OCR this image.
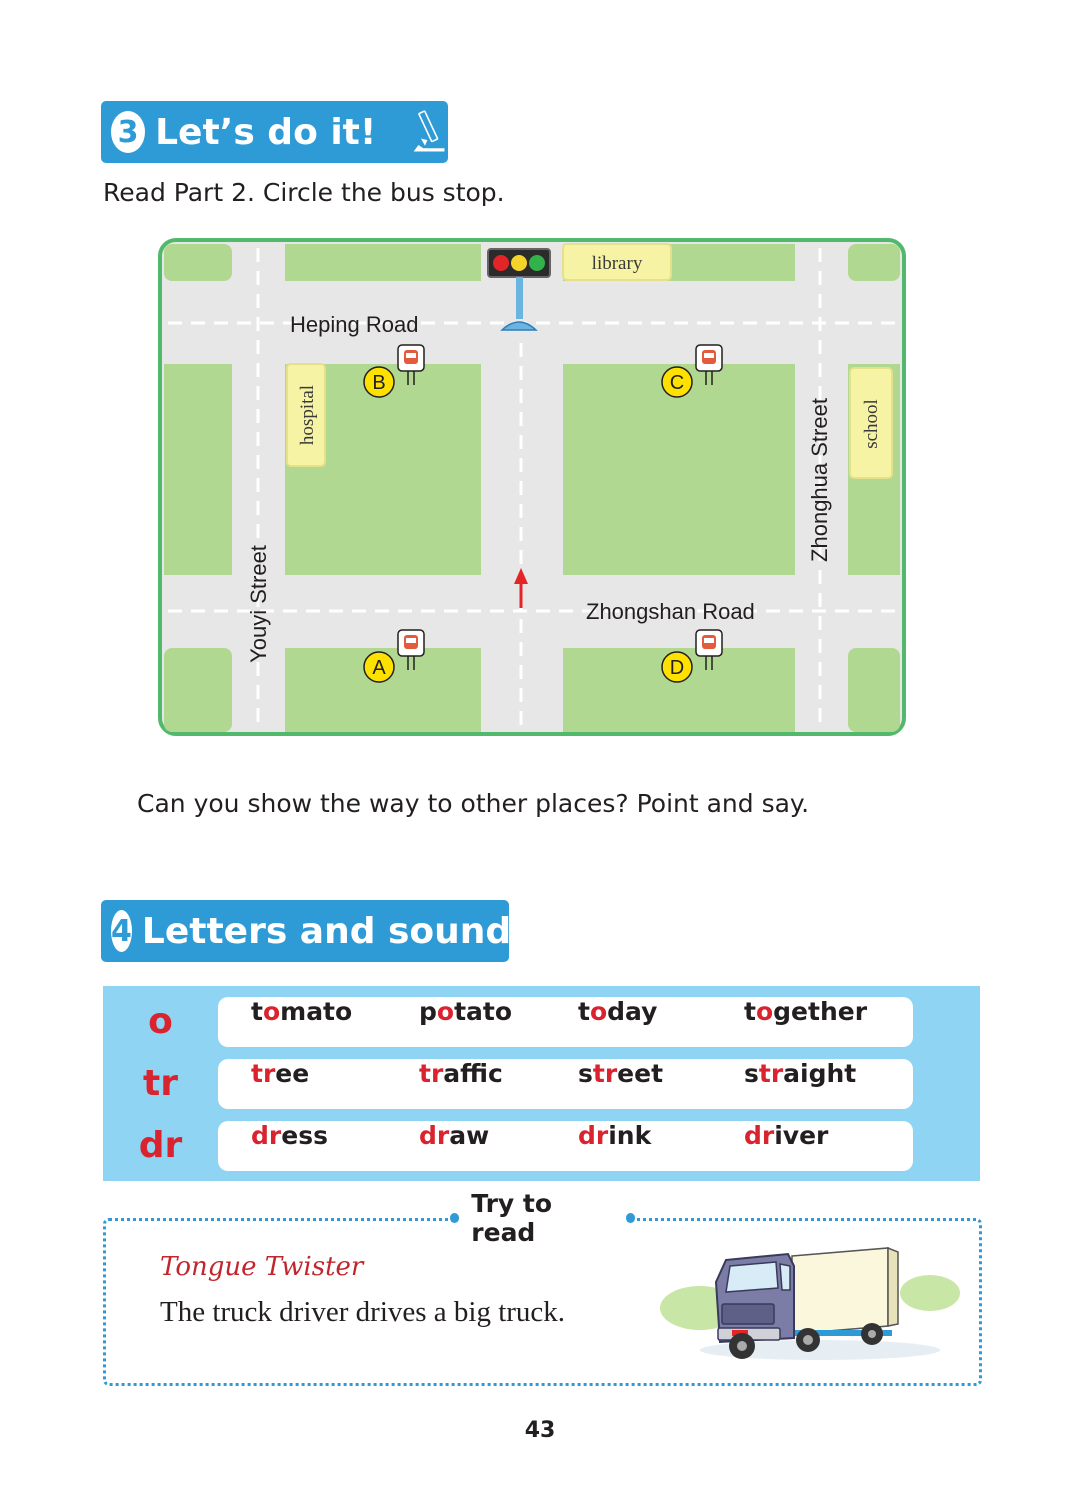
3 Let’s do it!
Read Part 2. Circle the bus stop.
library
hospital	school
Heping Road
Zhongshan Road
Youyi Street
Zhonghua Street
B	C
A	D
Can you show the way to other places? Point and say.
4 Letters and sounds
o	tomato	potato	today	together
tr	tree	traffic	street	straight
dr	dress	draw	drink	driver
Try to read
Tongue Twister
The truck driver drives a big truck.
43
